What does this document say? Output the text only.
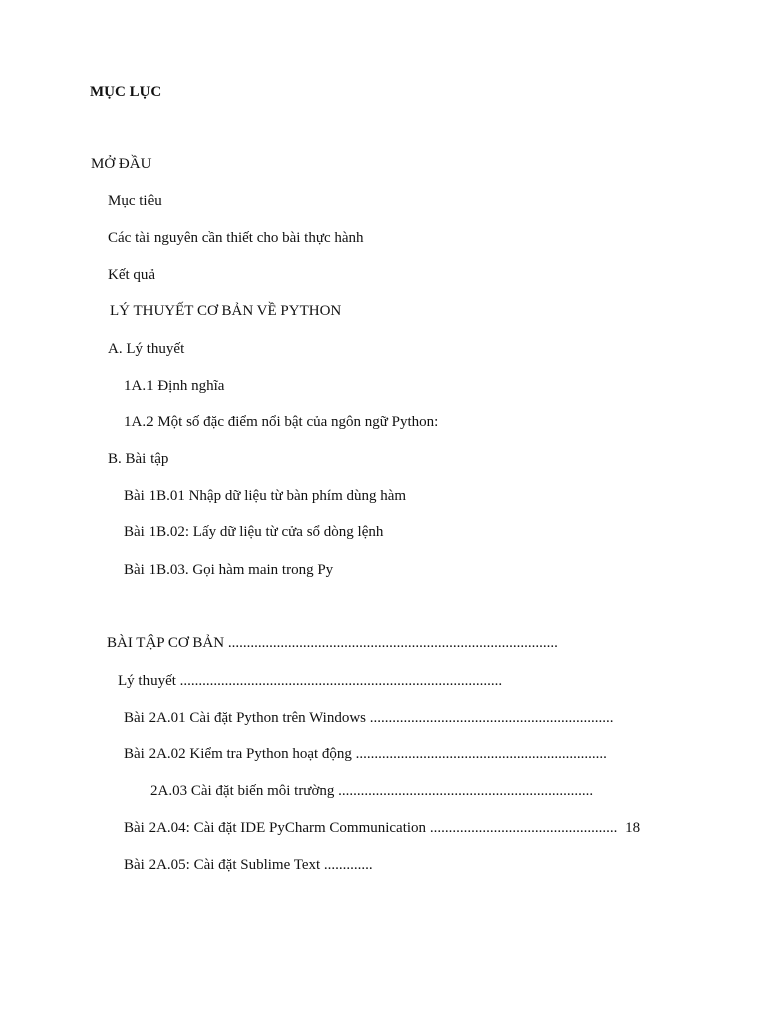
MỤC LỤC
MỞ ĐẦU
Mục tiêu
Các tài nguyên cần thiết cho bài thực hành
Kết quả
LÝ THUYẾT CƠ BẢN VỀ PYTHON
A. Lý thuyết
1A.1 Định nghĩa
1A.2 Một số đặc điểm nổi bật của ngôn ngữ Python:
B. Bài tập
Bài 1B.01 Nhập dữ liệu từ bàn phím dùng hàm
Bài 1B.02: Lấy dữ liệu từ cửa sổ dòng lệnh
Bài 1B.03. Gọi hàm main trong Py
BÀI TẬP CƠ BẢN ........................................................................................
Lý thuyết ......................................................................................
Bài 2A.01 Cài đặt Python trên Windows .................................................................
Bài 2A.02 Kiểm tra Python hoạt động ...................................................................
2A.03 Cài đặt biến môi trường ....................................................................
Bài 2A.04: Cài đặt IDE PyCharm Communication .................................................. 18
Bài 2A.05: Cài đặt Sublime Text .............
